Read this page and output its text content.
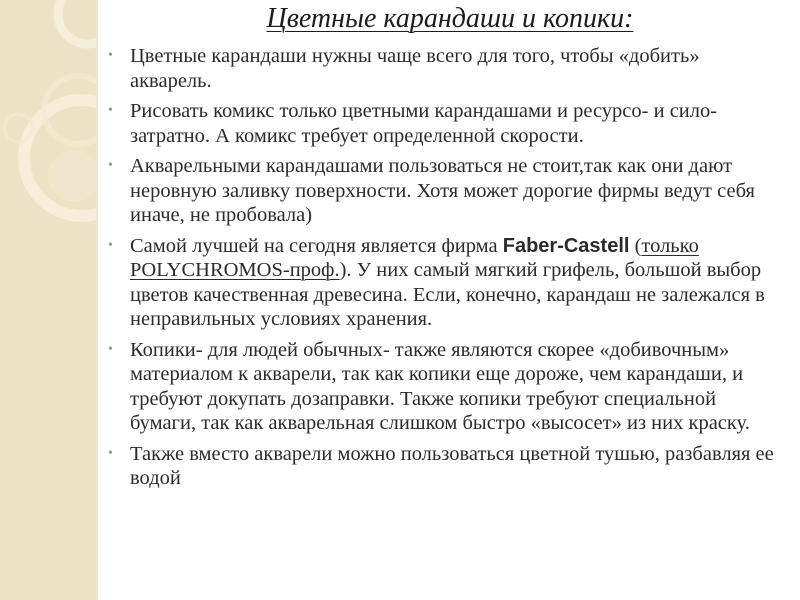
Цветные карандаши и копики:
• Цветные карандаши нужны чаще всего для того, чтобы «добить» акварель.
• Рисовать комикс только цветными карандашами и ресурсо- и сило- затратно. А комикс требует определенной скорости.
• Акварельными карандашами пользоваться не стоит,так как они дают неровную заливку поверхности. Хотя может дорогие фирмы ведут себя иначе, не пробовала)
• Самой лучшей на сегодня является фирма Faber-Castell (только POLYCHROMOS-проф.). У них самый мягкий грифель, большой выбор цветов качественная древесина. Если, конечно, карандаш не залежался в неправильных условиях хранения.
• Копики- для людей обычных- также являются скорее «добивочным» материалом к акварели, так как копики еще дороже, чем карандаши, и требуют докупать дозаправки. Также копики требуют специальной бумаги, так как акварельная слишком быстро «высосет» из них краску.
• Также вместо акварели можно пользоваться цветной тушью, разбавляя ее водой
